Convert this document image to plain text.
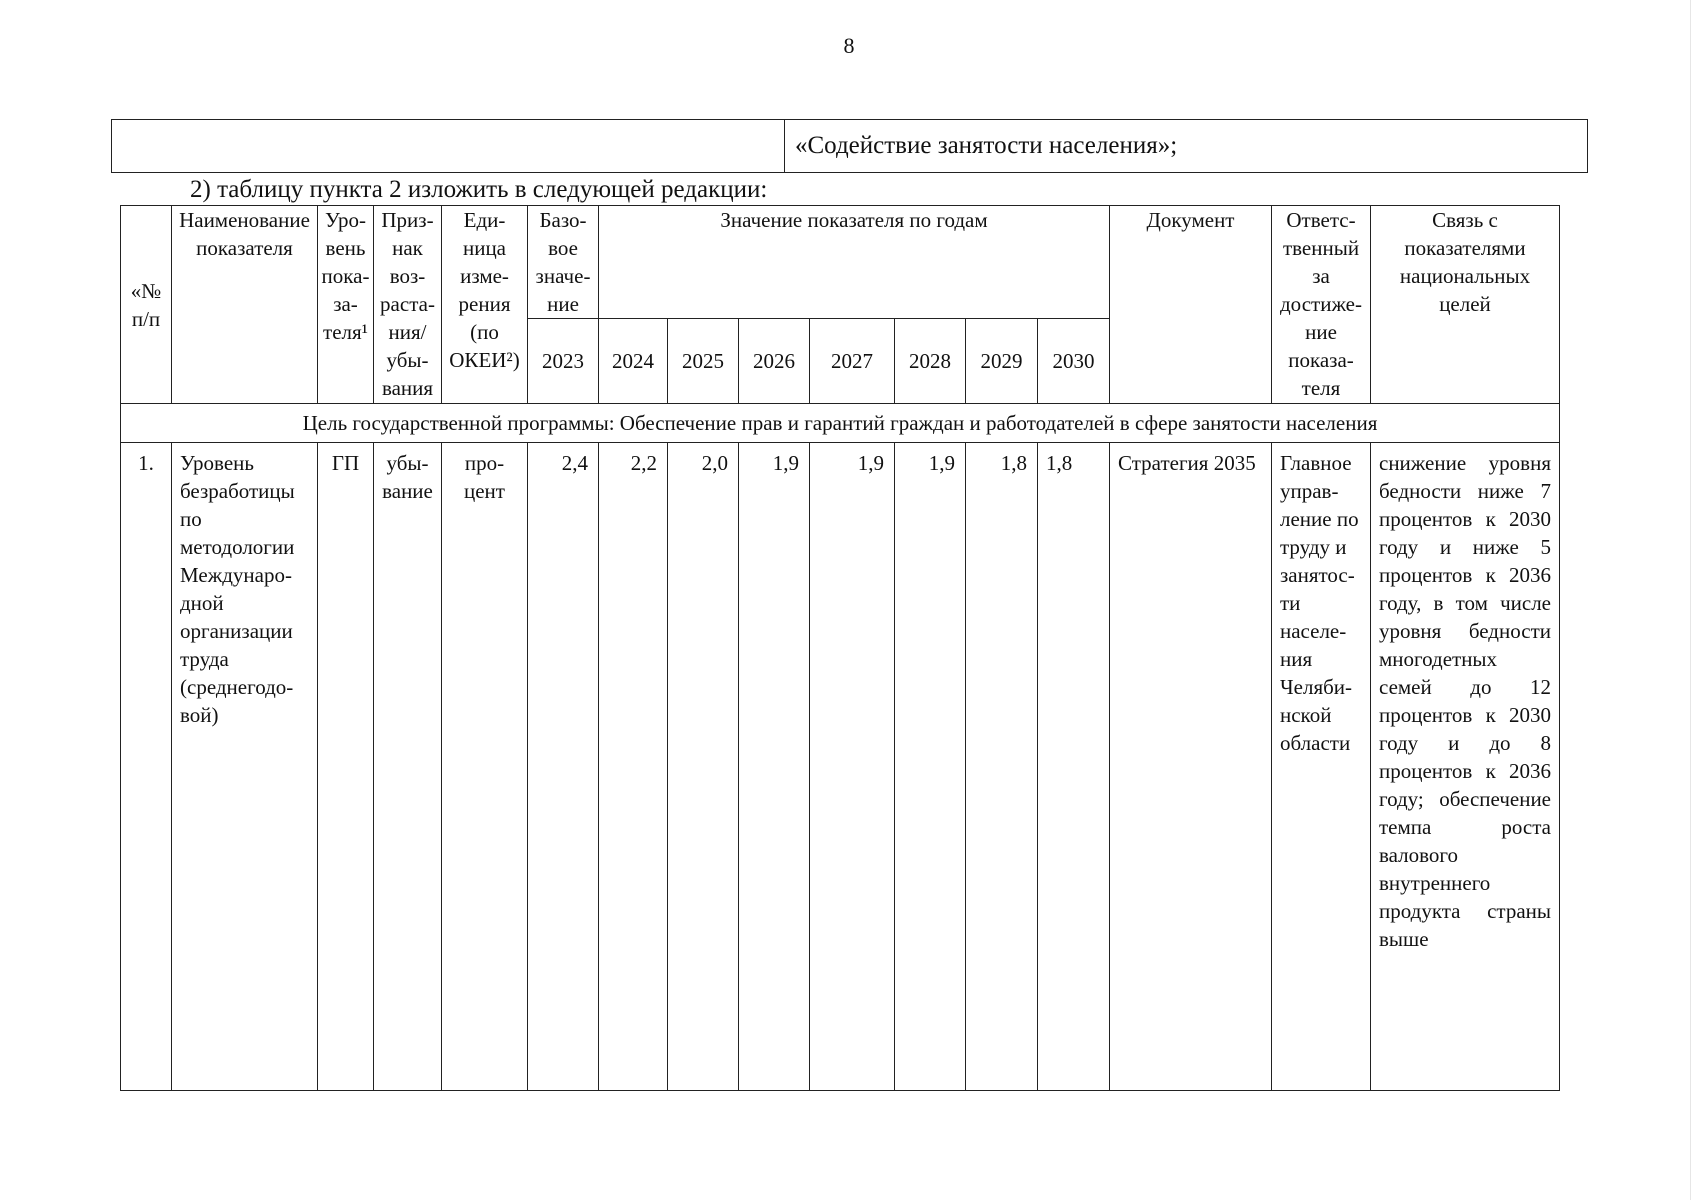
8
	«Содействие занятости населения»;
2) таблицу пункта 2 изложить в следующей редакции:
«№ п/п	Наименование показателя	Уро-вень пока-за-теля¹	Приз-нак воз-раста-ния/ убы-вания	Еди-ница изме-рения (по ОКЕИ²)	Базо-вое значе-ние	Значение показателя по годам							Документ	Ответс-твенный за достиже-ние показа-теля	Связь с показателями национальных целей
					2023	2024	2025	2026	2027	2028	2029	2030			
Цель государственной программы: Обеспечение прав и гарантий граждан и работодателей в сфере занятости населения															
1.	Уровень безработицы по методологии Междунаро-дной организации труда (среднегодо-вой)	ГП	убы-вание	про-цент	2,4	2,2	2,0	1,9	1,9	1,9	1,8	1,8	Стратегия 2035	Главное управ-ление по труду и занятос-ти населе-ния Челяби-нской области	снижение уровня бедности ниже 7 процентов к 2030 году и ниже 5 процентов к 2036 году, в том числе уровня бедности многодетных семей до 12 процентов к 2030 году и до 8 процентов к 2036 году; обеспечение темпа роста валового внутреннего продукта страны выше
